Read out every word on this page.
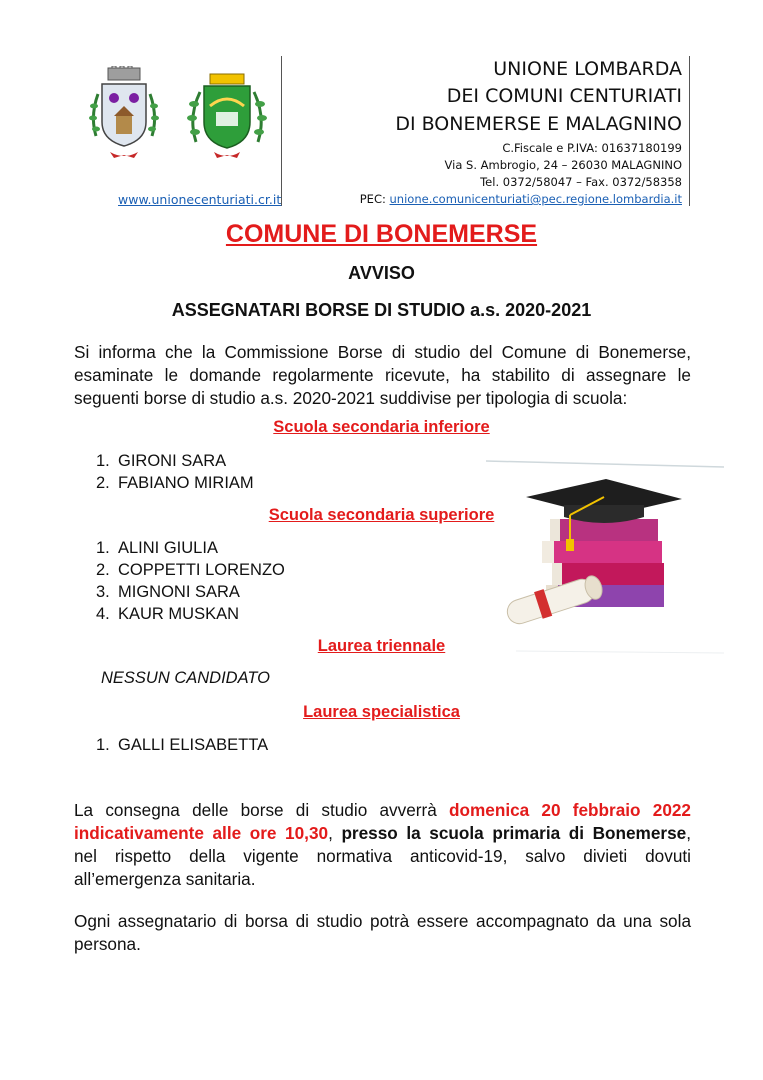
www.unionecenturiati.cr.it
UNIONE LOMBARDA
DEI COMUNI CENTURIATI
DI BONEMERSE E MALAGNINO
C.Fiscale e P.IVA: 01637180199
Via S. Ambrogio, 24 – 26030 MALAGNINO
Tel. 0372/58047 – Fax. 0372/58358
PEC: unione.comunicenturiati@pec.regione.lombardia.it
COMUNE DI BONEMERSE
AVVISO
ASSEGNATARI BORSE DI STUDIO a.s. 2020-2021
Si informa che la Commissione Borse di studio del Comune di Bonemerse,
esaminate le domande regolarmente ricevute, ha stabilito di assegnare le
seguenti borse di studio a.s. 2020-2021 suddivise per tipologia di scuola:
Scuola secondaria inferiore
1. GIRONI SARA
2. FABIANO MIRIAM
Scuola secondaria superiore
1. ALINI GIULIA
2. COPPETTI LORENZO
3. MIGNONI SARA
4. KAUR MUSKAN
Laurea triennale
NESSUN CANDIDATO
Laurea specialistica
1. GALLI ELISABETTA
La consegna delle borse di studio avverrà domenica 20 febbraio 2022
indicativamente alle ore 10,30, presso la scuola primaria di Bonemerse,
nel rispetto della vigente normativa anticovid-19, salvo divieti dovuti
all’emergenza sanitaria.
Ogni assegnatario di borsa di studio potrà essere accompagnato da una sola
persona.
